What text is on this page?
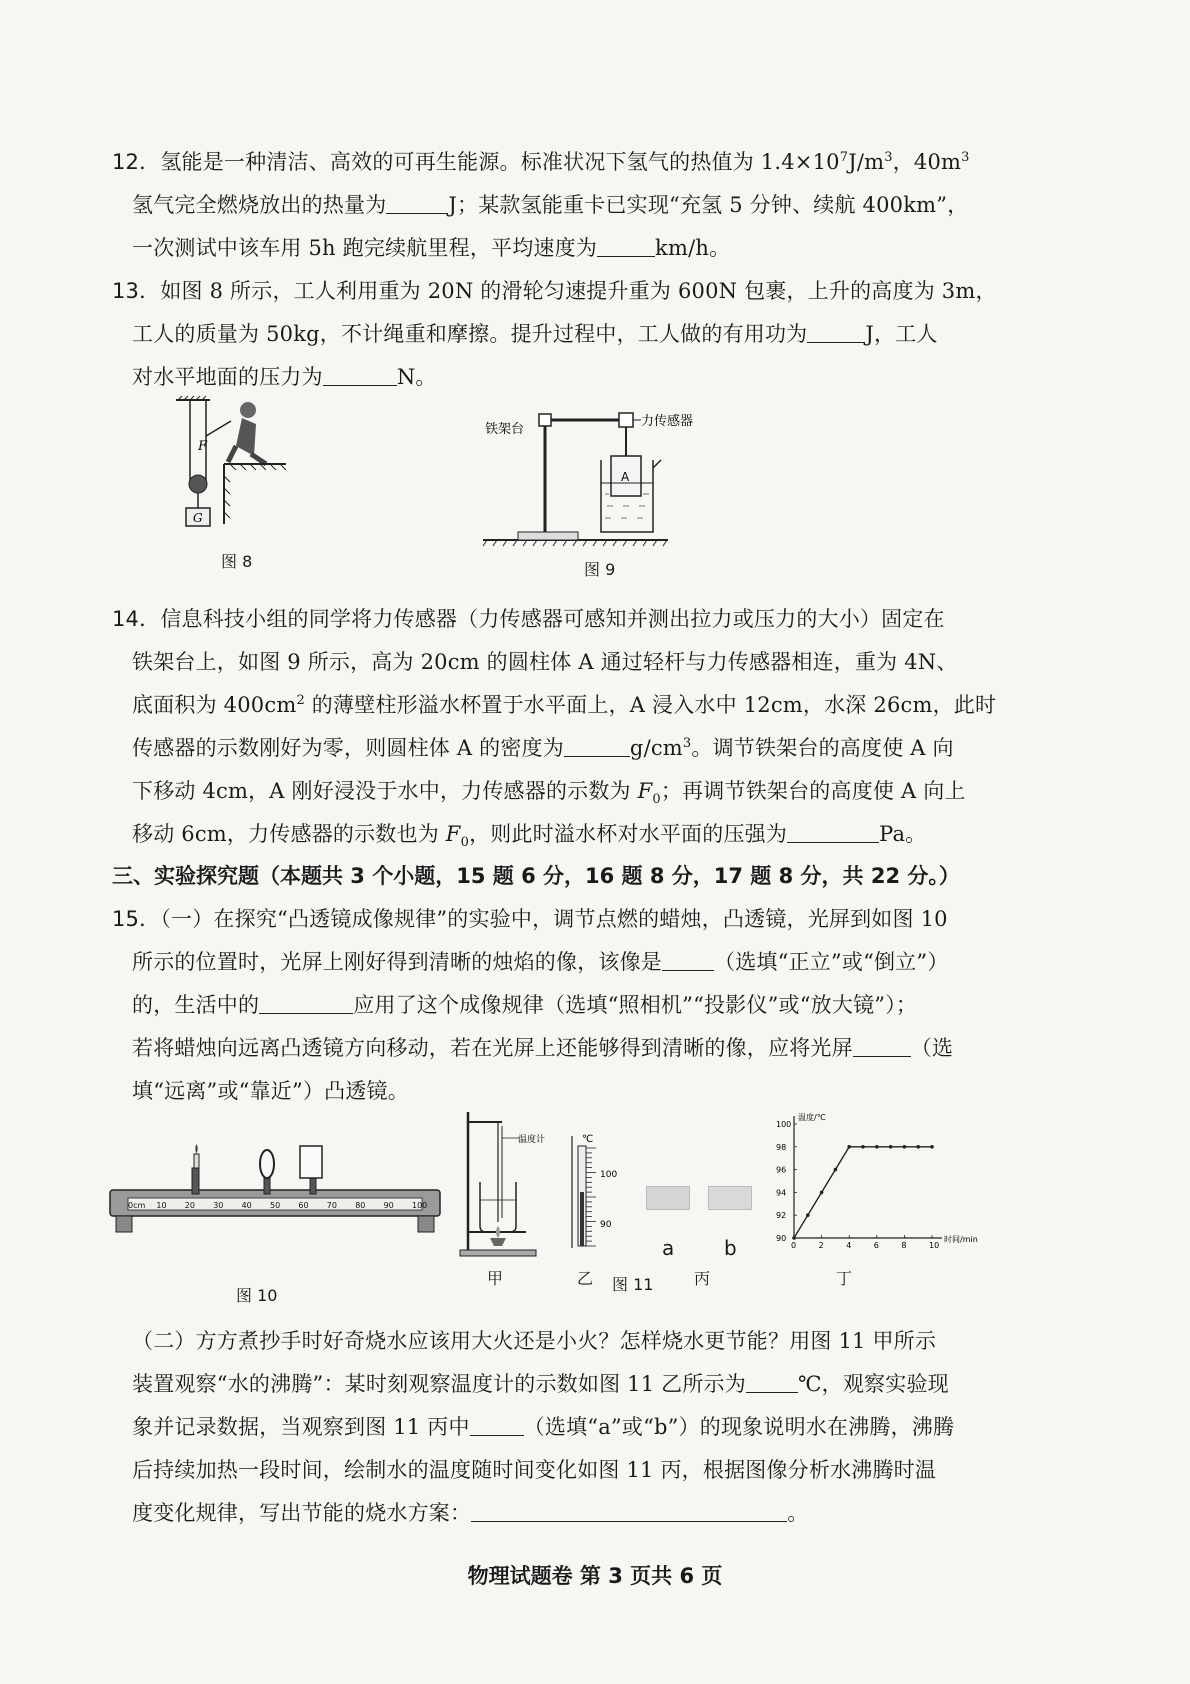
12．氢能是一种清洁、高效的可再生能源。标准状况下氢气的热值为 $1.4\times 10^7J/m^3$，$40m^3$

氢气完全燃烧放出的热量为	J；某款氢能重卡已实现“充氢 5 分钟、续航 400km”，

一次测试中该车用 5h 跑完续航里程，平均速度为	km/h。

13．如图 8 所示，工人利用重为 20N 的滑轮匀速提升重为 600N 包裹，上升的高度为 3m，

工人的质量为 50kg，不计绳重和摩擦。提升过程中，工人做的有用功为	J，工人

对水平地面的压力为	N。

G
F
图 8
A
力传感器
铁架台
图 9

14．信息科技小组的同学将力传感器（力传感器可感知并测出拉力或压力的大小）固定在

铁架台上，如图 9 所示，高为 20cm 的圆柱体 A 通过轻杆与力传感器相连，重为 4N、

底面积为 $400cm^2$ 的薄壁柱形溢水杯置于水平面上，A 浸入水中 12cm，水深 26cm，此时

传感器的示数刚好为零，则圆柱体 A 的密度为	$g/cm^3$。调节铁架台的高度使 A 向

下移动 4cm，A 刚好浸没于水中，力传感器的示数为 $F_0$；再调节铁架台的高度使 A 向上

移动 6cm，力传感器的示数也为 $F_0$，则此时溢水杯对水平面的压强为	Pa。

三、实验探究题（本题共 3 个小题，15 题 6 分，16 题 8 分，17 题 8 分，共 22 分。）

15．（一）在探究“凸透镜成像规律”的实验中，调节点燃的蜡烛，凸透镜，光屏到如图 10

所示的位置时，光屏上刚好得到清晰的烛焰的像，该像是 （选填“正立”或“倒立”）

的，生活中的	应用了这个成像规律（选填“照相机”“投影仪”或“放大镜”）；

若将蜡烛向远离凸透镜方向移动，若在光屏上还能够得到清晰的像，应将光屏	（选

填“远离”或“靠近”）凸透镜。

0cm 10 20 30 40 50 60 70 80 90 100
图 10
温度计
甲
℃
100
90
乙 图 11
a b
丙
温度/℃
时间/min
0	2	4	6	8	10
90
92
94
96
98
100
丁

（二）方方煮抄手时好奇烧水应该用大火还是小火？怎样烧水更节能？用图 11 甲所示

装置观察“水的沸腾”：某时刻观察温度计的示数如图 11 乙所示为 ℃，观察实验现

象并记录数据，当观察到图 11 丙中	（选填“a”或“b”）的现象说明水在沸腾，沸腾

后持续加热一段时间，绘制水的温度随时间变化如图 11 丙，根据图像分析水沸腾时温

度变化规律，写出节能的烧水方案：	。

物理试题卷 第 3 页共 6 页
